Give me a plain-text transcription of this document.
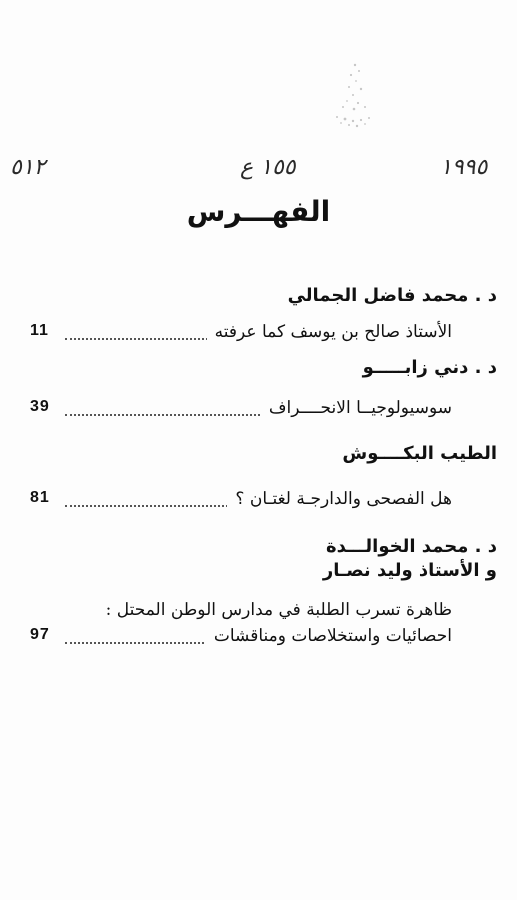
٥١٢	١٥٥ ع	١٩٩٥
الفهـــرس
د . محمد فاضل الجمالي
الأستاذ صالح بن يوسف كما عرفته
11
د . دني زابـــــو
سوسيولوجيــا الانحــــراف
39
الطيب البكــــوش
هل الفصحى والدارجـة لغتـان ؟
81
د . محمد الخوالـــدة
و الأستاذ وليد نصـار
ظاهرة تسرب الطلبة في مدارس الوطن المحتل :
احصائيات واستخلاصات ومناقشات
97
